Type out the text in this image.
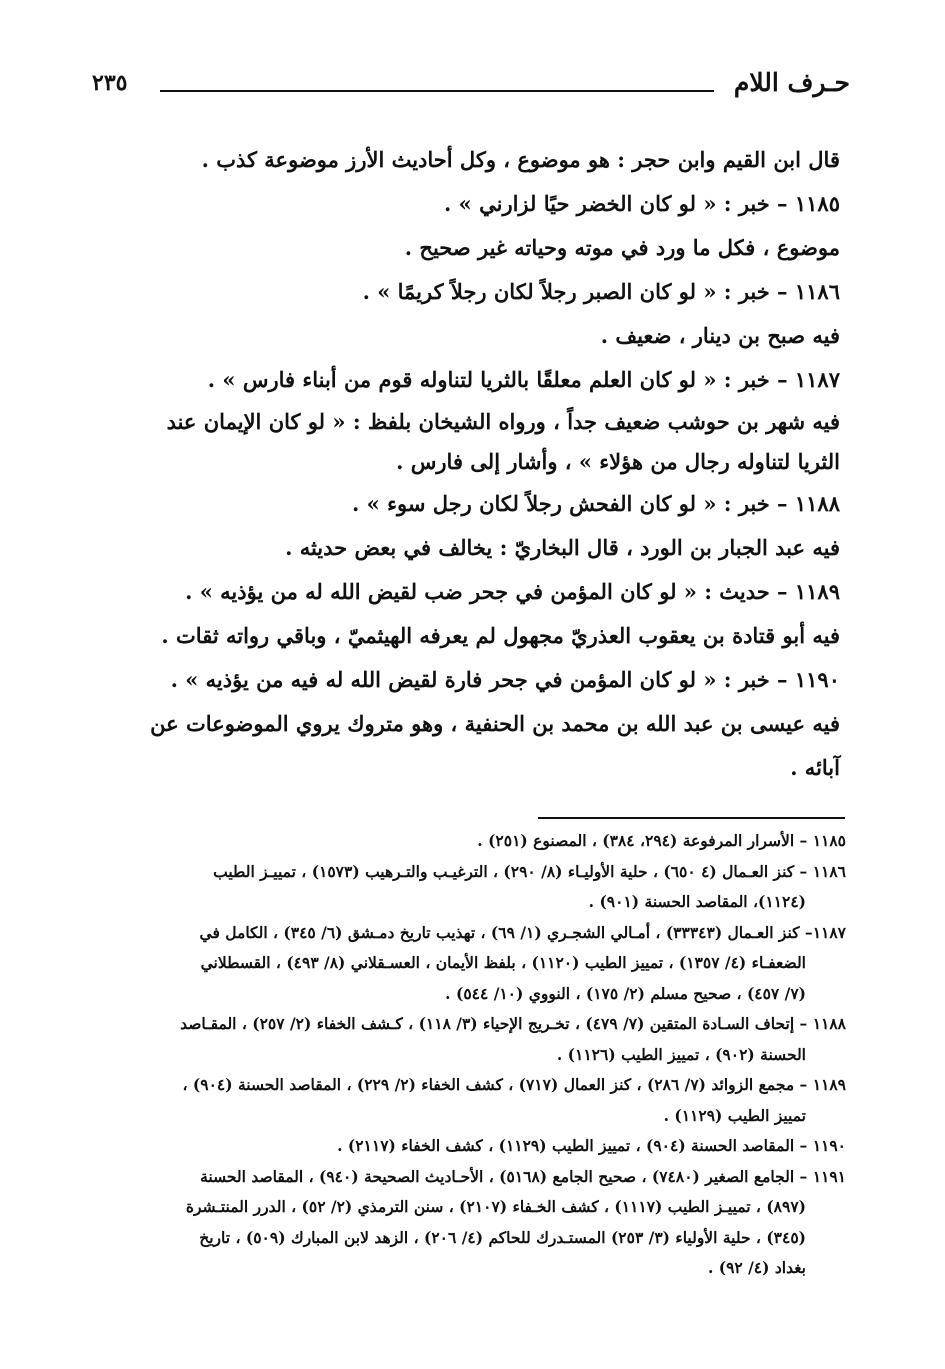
حـرف اللام
٢٣٥
قال ابن القيم وابن حجر : هو موضوع ، وكل أحاديث الأرز موضوعة كذب .
١١٨٥ – خبر : « لو كان الخضر حيًا لزارني » .
موضوع ، فكل ما ورد في موته وحياته غير صحيح .
١١٨٦ – خبر : « لو كان الصبر رجلاً لكان رجلاً كريمًا » .
فيه صبح بن دينار ، ضعيف .
١١٨٧ – خبر : « لو كان العلم معلقًا بالثريا لتناوله قوم من أبناء فارس » .
فيه شهر بن حوشب ضعيف جداً ، ورواه الشيخان بلفظ : « لو كان الإيمان عند
الثريا لتناوله رجال من هؤلاء » ، وأشار إلى فارس .
١١٨٨ – خبر : « لو كان الفحش رجلاً لكان رجل سوء » .
فيه عبد الجبار بن الورد ، قال البخاريّ : يخالف في بعض حديثه .
١١٨٩ – حديث : « لو كان المؤمن في جحر ضب لقيض الله له من يؤذيه » .
فيه أبو قتادة بن يعقوب العذريّ مجهول لم يعرفه الهيثميّ ، وباقي رواته ثقات .
١١٩٠ – خبر : « لو كان المؤمن في جحر فارة لقيض الله له فيه من يؤذيه » .
فيه عيسى بن عبد الله بن محمد بن الحنفية ، وهو متروك يروي الموضوعات عن
آبائه .
١١٨٥ – الأسرار المرفوعة (٢٩٤، ٣٨٤) ، المصنوع (٢٥١) .
١١٨٦ – كنز العـمال (٤ ٦٥٠) ، حلية الأوليـاء (٨/ ٢٩٠) ، الترغيـب والتـرهيب (١٥٧٣) ، تمييـز الطيب
(١١٢٤)، المقاصد الحسنة (٩٠١) .
١١٨٧– كنز العـمال (٣٣٣٤٣) ، أمـالي الشجـري (١/ ٦٩) ، تهذيب تاريخ دمـشق (٦/ ٣٤٥) ، الكامل في
الضعفـاء (٤/ ١٣٥٧) ، تمييز الطيب (١١٢٠) ، بلفظ الأيمان ، العسـقلاني (٨/ ٤٩٣) ، القسطلاني
(٧/ ٤٥٧) ، صحيح مسلم (٢/ ١٧٥) ، النووي (١٠/ ٥٤٤) .
١١٨٨ – إتحاف السـادة المتقين (٧/ ٤٧٩) ، تخـريج الإحياء (٣/ ١١٨) ، كـشف الخفاء (٢/ ٢٥٧) ، المقـاصد
الحسنة (٩٠٢) ، تمييز الطيب (١١٢٦) .
١١٨٩ – مجمع الزوائد (٧/ ٢٨٦) ، كنز العمال (٧١٧) ، كشف الخفاء (٢/ ٢٢٩) ، المقاصد الحسنة (٩٠٤) ،
تمييز الطيب (١١٢٩) .
١١٩٠ – المقاصد الحسنة (٩٠٤) ، تمييز الطيب (١١٢٩) ، كشف الخفاء (٢١١٧) .
١١٩١ – الجامع الصغير (٧٤٨٠) ، صحيح الجامع (٥١٦٨) ، الأحـاديث الصحيحة (٩٤٠) ، المقاصد الحسنة
(٨٩٧) ، تمييـز الطيب (١١١٧) ، كشف الخـفاء (٢١٠٧) ، سنن الترمذي (٢/ ٥٢) ، الدرر المنتـشرة
(٣٤٥) ، حلية الأولياء (٣/ ٢٥٣) المستـدرك للحاكم (٤/ ٢٠٦) ، الزهد لابن المبارك (٥٠٩) ، تاريخ
بغداد (٤/ ٩٢) .
